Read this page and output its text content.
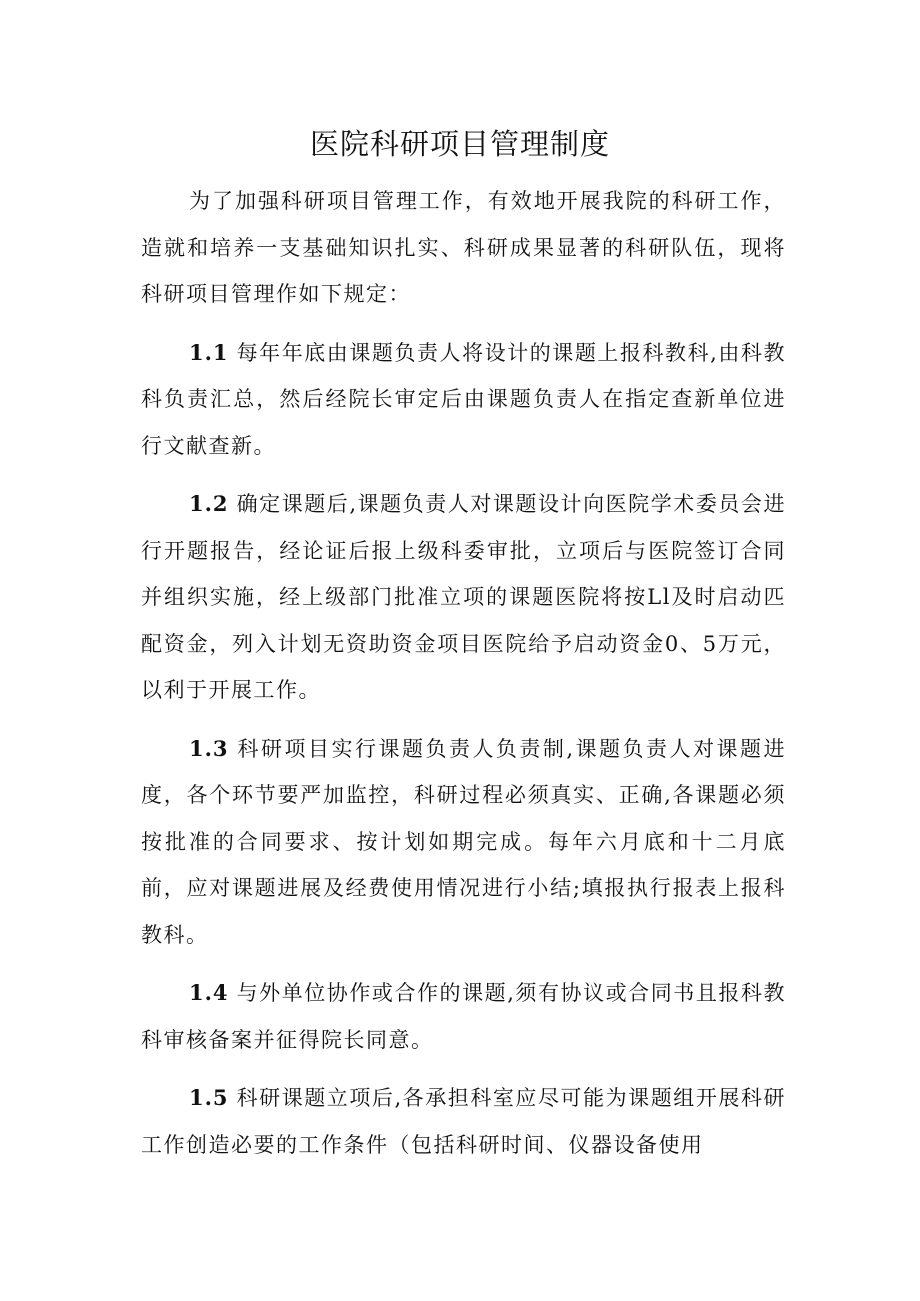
医院科研项目管理制度

为了加强科研项目管理工作，有效地开展我院的科研工作，造就和培养一支基础知识扎实、科研成果显著的科研队伍，现将科研项目管理作如下规定：

1.1 每年年底由课题负责人将设计的课题上报科教科,由科教科负责汇总，然后经院长审定后由课题负责人在指定查新单位进行文献查新。

1.2 确定课题后,课题负责人对课题设计向医院学术委员会进行开题报告，经论证后报上级科委审批，立项后与医院签订合同并组织实施，经上级部门批准立项的课题医院将按Ll及时启动匹配资金，列入计划无资助资金项目医院给予启动资金0、5万元，以利于开展工作。

1.3 科研项目实行课题负责人负责制,课题负责人对课题进度，各个环节要严加监控，科研过程必须真实、正确,各课题必须按批准的合同要求、按计划如期完成。每年六月底和十二月底前，应对课题进展及经费使用情况进行小结;填报执行报表上报科教科。

1.4 与外单位协作或合作的课题,须有协议或合同书且报科教科审核备案并征得院长同意。

1.5 科研课题立项后,各承担科室应尽可能为课题组开展科研工作创造必要的工作条件（包括科研时间、仪器设备使用
